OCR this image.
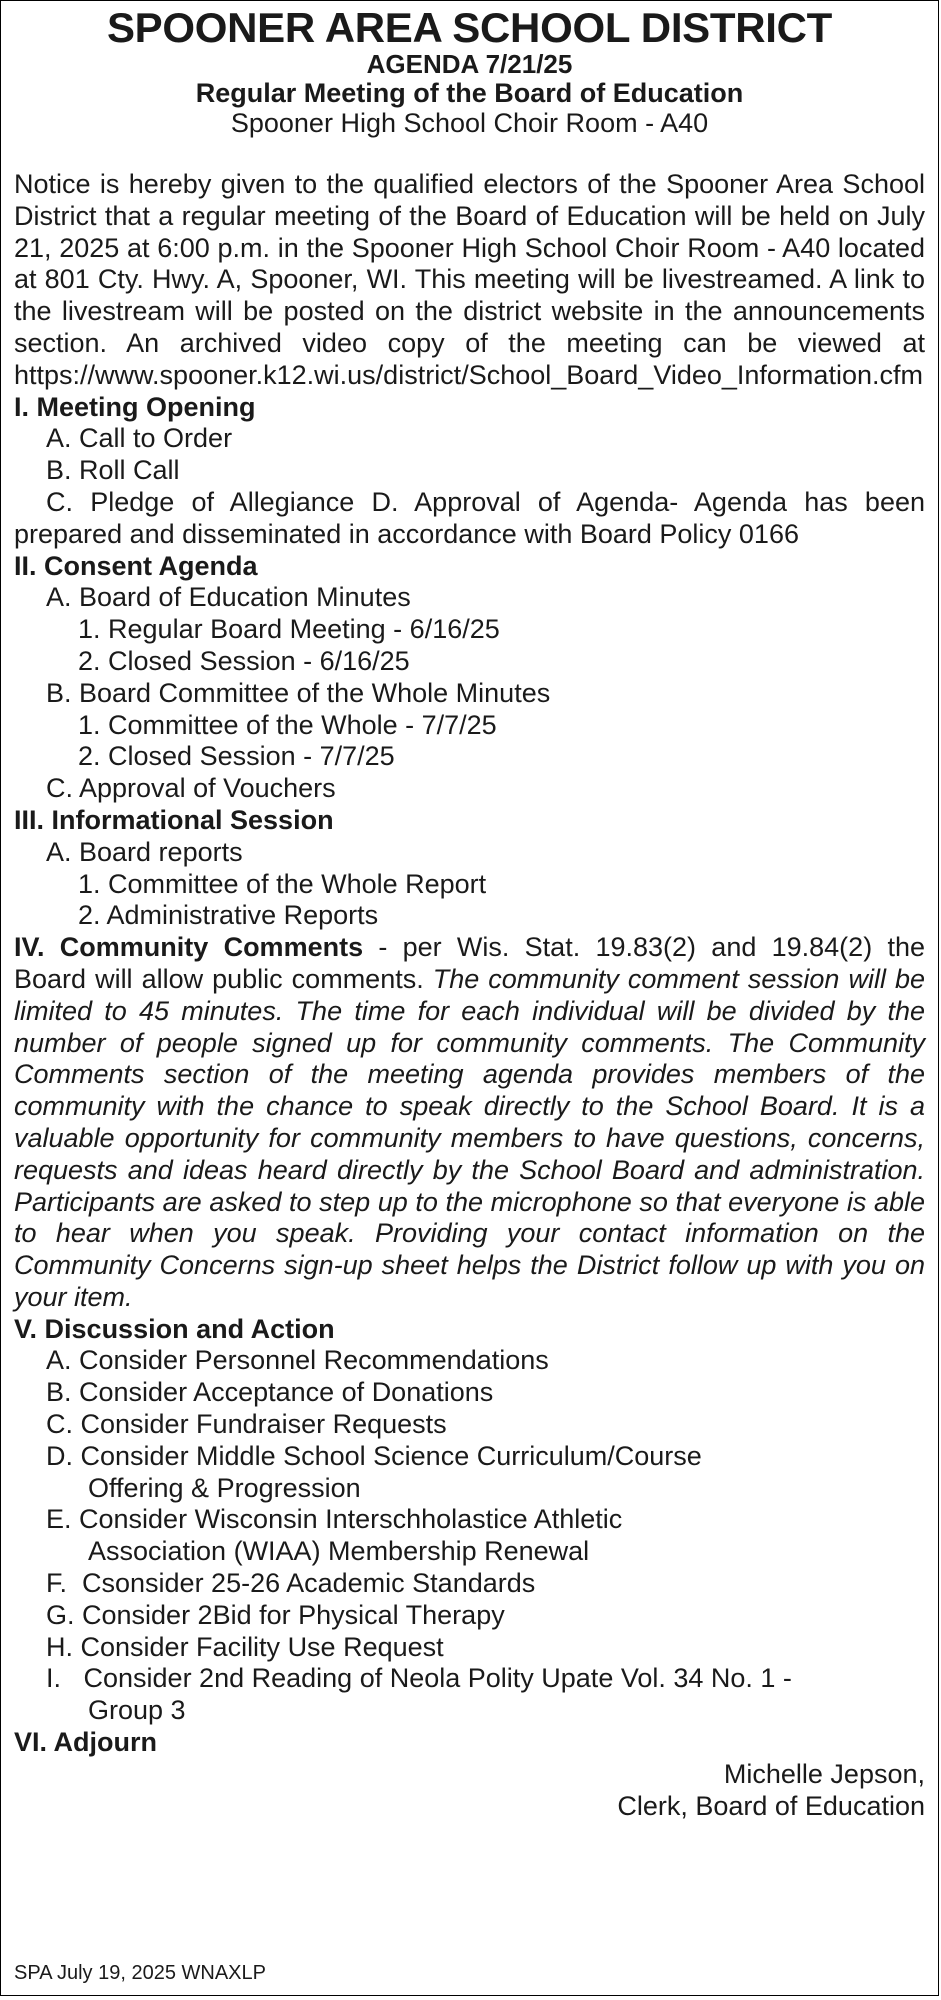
SPOONER AREA SCHOOL DISTRICT
AGENDA 7/21/25
Regular Meeting of the Board of Education
Spooner High School Choir Room - A40
Notice is hereby given to the qualified electors of the Spooner Area School District that a regular meeting of the Board of Education will be held on July 21, 2025 at 6:00 p.m. in the Spooner High School Choir Room - A40 located at 801 Cty. Hwy. A, Spooner, WI. This meeting will be livestreamed. A link to the livestream will be posted on the district website in the announcements section. An archived video copy of the meeting can be viewed at https://www.spooner.k12.wi.us/district/School_Board_Video_Information.cfm
I. Meeting Opening
A. Call to Order
B. Roll Call
C. Pledge of Allegiance D. Approval of Agenda- Agenda has been prepared and disseminated in accordance with Board Policy 0166
II. Consent Agenda
A. Board of Education Minutes
1. Regular Board Meeting - 6/16/25
2. Closed Session - 6/16/25
B. Board Committee of the Whole Minutes
1. Committee of the Whole - 7/7/25
2. Closed Session - 7/7/25
C. Approval of Vouchers
III. Informational Session
A. Board reports
1. Committee of the Whole Report
2. Administrative Reports
IV. Community Comments - per Wis. Stat. 19.83(2) and 19.84(2) the Board will allow public comments. The community comment session will be limited to 45 minutes. The time for each individual will be divided by the number of people signed up for community comments. The Community Comments section of the meeting agenda provides members of the community with the chance to speak directly to the School Board. It is a valuable opportunity for community members to have questions, concerns, requests and ideas heard directly by the School Board and administration. Participants are asked to step up to the microphone so that everyone is able to hear when you speak. Providing your contact information on the Community Concerns sign-up sheet helps the District follow up with you on your item.
V. Discussion and Action
A. Consider Personnel Recommendations
B. Consider Acceptance of Donations
C. Consider Fundraiser Requests
D. Consider Middle School Science Curriculum/Course
Offering & Progression
E. Consider Wisconsin Interschholastice Athletic
Association (WIAA) Membership Renewal
F.  Csonsider 25-26 Academic Standards
G. Consider 2Bid for Physical Therapy
H. Consider Facility Use Request
I.   Consider 2nd Reading of Neola Polity Upate Vol. 34 No. 1 -
Group 3
VI. Adjourn
Michelle Jepson,
Clerk, Board of Education
SPA July 19, 2025 WNAXLP
